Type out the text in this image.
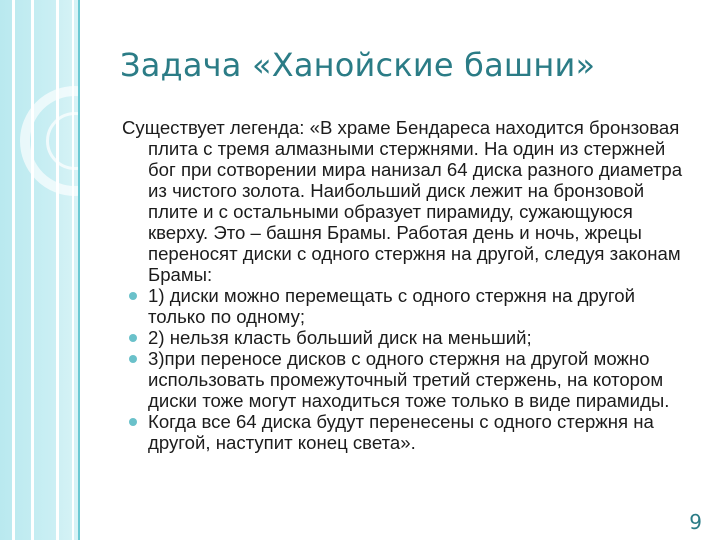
Задача «Ханойские башни»

Существует легенда: «В храме Бендареса находится бронзовая плита с тремя алмазными стержнями. На один из стержней бог при сотворении мира нанизал 64 диска разного диаметра из чистого золота. Наибольший диск лежит на бронзовой плите и с остальными образует пирамиду, сужающуюся кверху. Это – башня Брамы. Работая день и ночь, жрецы переносят диски с одного стержня на другой, следуя законам Брамы:

1) диски можно перемещать с одного стержня на другой только по одному;
2) нельзя класть больший диск на меньший;
3)при переносе дисков с одного стержня на другой можно использовать промежуточный третий стержень, на котором диски тоже могут находиться тоже только в виде пирамиды.
Когда все 64 диска будут перенесены с одного стержня на другой, наступит конец света».
9
